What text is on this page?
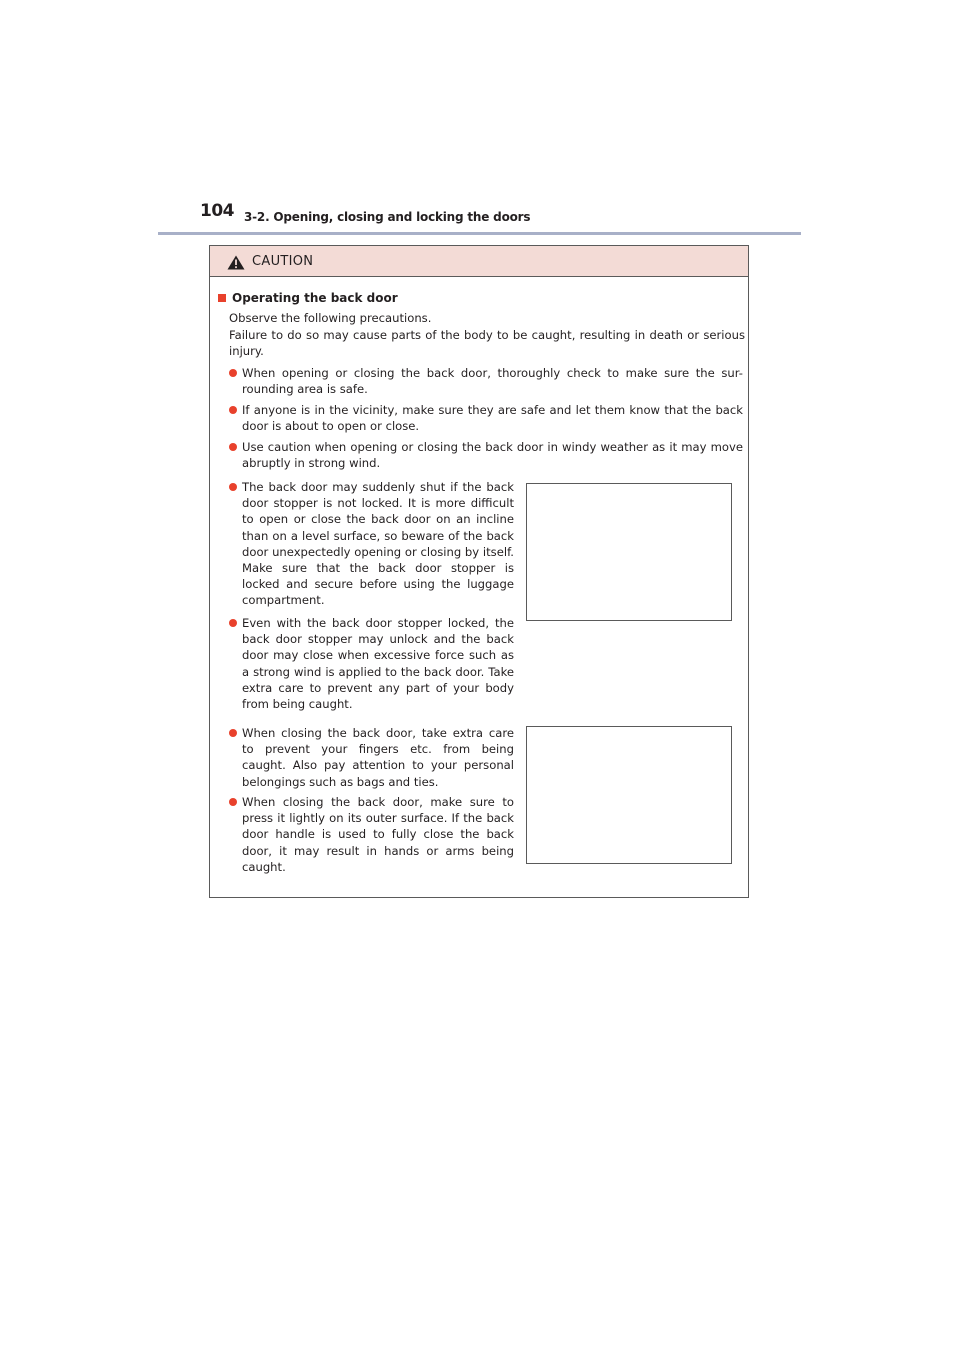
104 3-2. Opening, closing and locking the doors
CAUTION
Operating the back door
Observe the following precautions.
Failure to do so may cause parts of the body to be caught, resulting in death or serious injury.
When opening or closing the back door, thoroughly check to make sure the sur-rounding area is safe.
If anyone is in the vicinity, make sure they are safe and let them know that the back door is about to open or close.
Use caution when opening or closing the back door in windy weather as it may move abruptly in strong wind.
The back door may suddenly shut if the back door stopper is not locked. It is more difficult to open or close the back door on an incline than on a level surface, so beware of the back door unexpectedly opening or closing by itself. Make sure that the back door stopper is locked and secure before using the luggage compartment.
Even with the back door stopper locked, the back door stopper may unlock and the back door may close when excessive force such as a strong wind is applied to the back door. Take extra care to prevent any part of your body from being caught.
When closing the back door, take extra care to prevent your fingers etc. from being caught. Also pay attention to your personal belongings such as bags and ties.
When closing the back door, make sure to press it lightly on its outer surface. If the back door handle is used to fully close the back door, it may result in hands or arms being caught.
